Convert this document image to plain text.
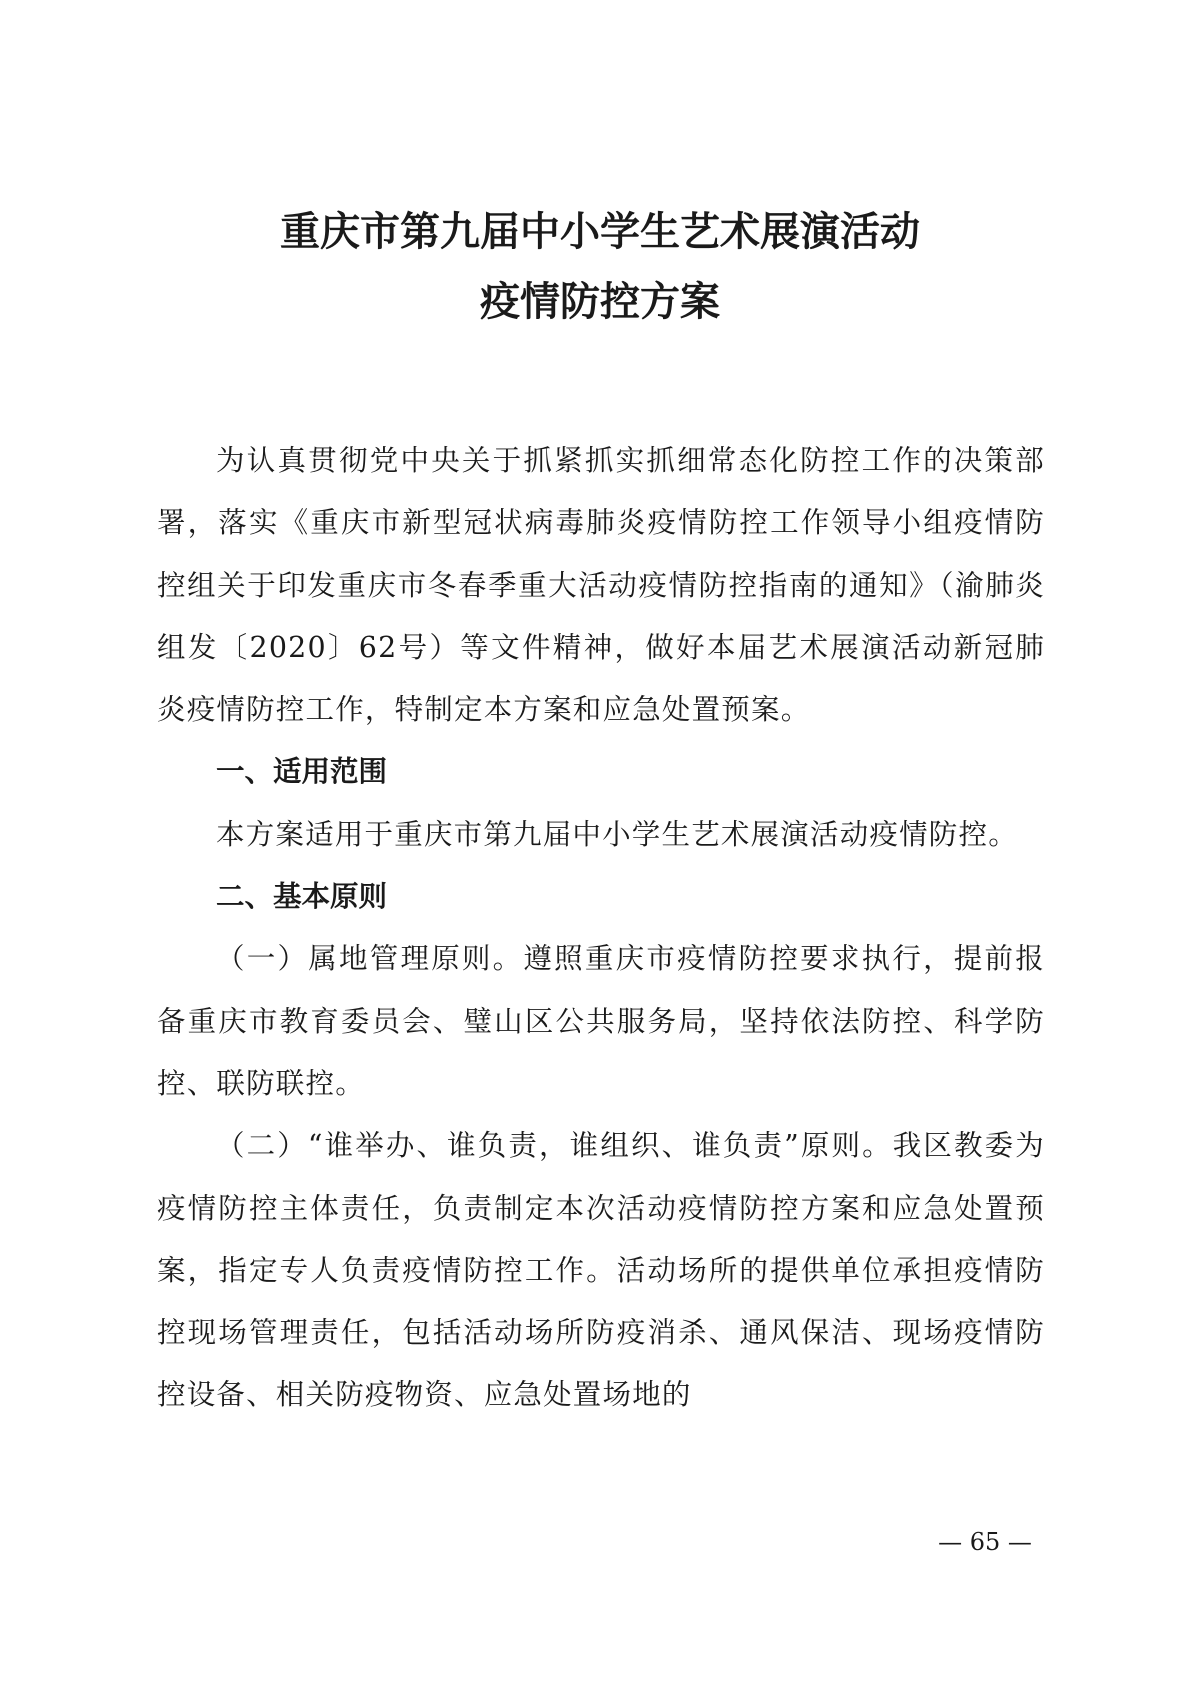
重庆市第九届中小学生艺术展演活动

疫情防控方案

为认真贯彻党中央关于抓紧抓实抓细常态化防控工作的决策部署，落实《重庆市新型冠状病毒肺炎疫情防控工作领导小组疫情防控组关于印发重庆市冬春季重大活动疫情防控指南的通知》（渝肺炎组发〔2020〕62号）等文件精神，做好本届艺术展演活动新冠肺炎疫情防控工作，特制定本方案和应急处置预案。

一、适用范围

本方案适用于重庆市第九届中小学生艺术展演活动疫情防控。

二、基本原则

（一）属地管理原则。遵照重庆市疫情防控要求执行，提前报备重庆市教育委员会、璧山区公共服务局，坚持依法防控、科学防控、联防联控。

（二）“谁举办、谁负责，谁组织、谁负责”原则。我区教委为疫情防控主体责任，负责制定本次活动疫情防控方案和应急处置预案，指定专人负责疫情防控工作。活动场所的提供单位承担疫情防控现场管理责任，包括活动场所防疫消杀、通风保洁、现场疫情防控设备、相关防疫物资、应急处置场地的

— 65 —
